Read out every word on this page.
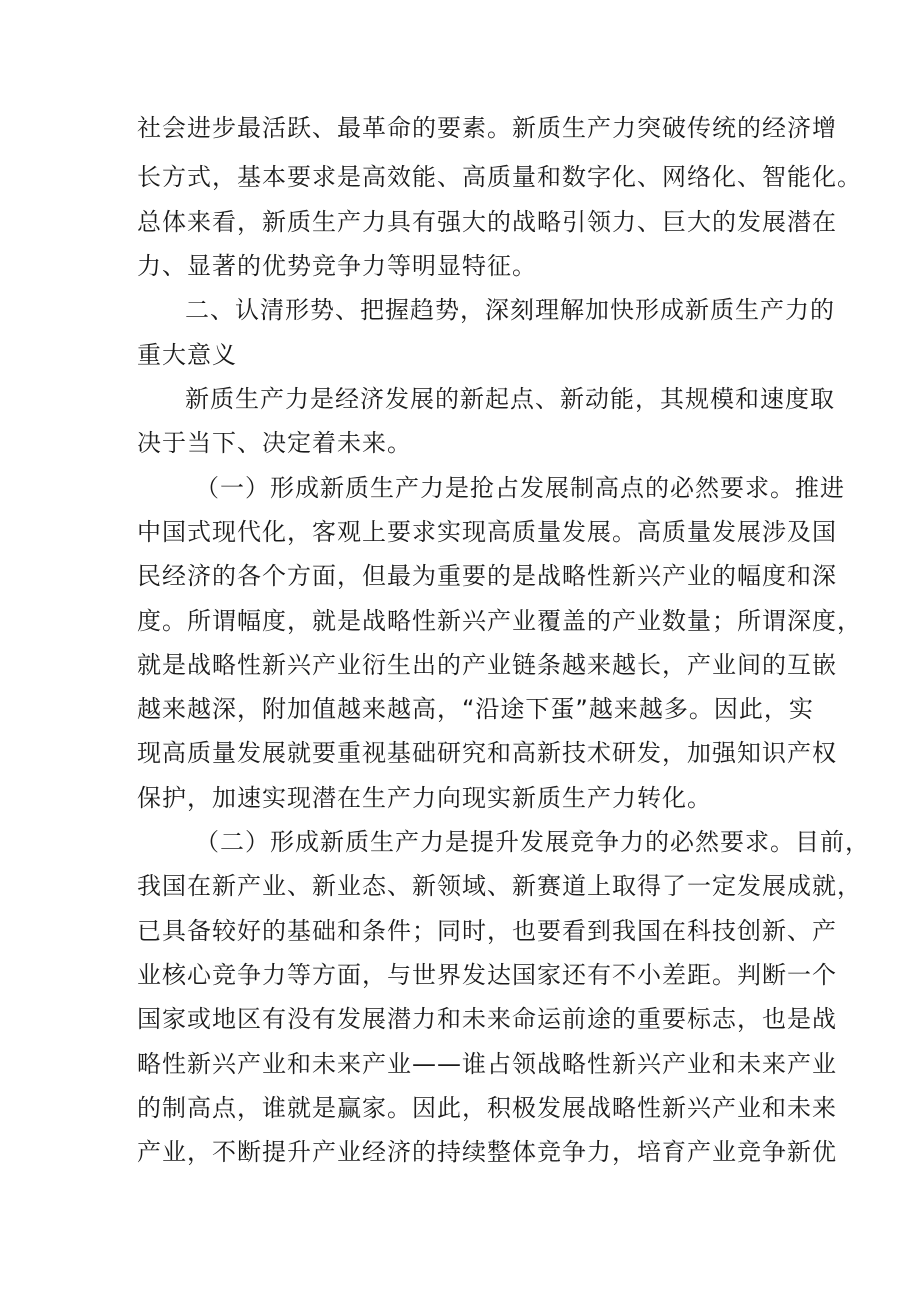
社会进步最活跃、最革命的要素。新质生产力突破传统的经济增
长方式，基本要求是高效能、高质量和数字化、网络化、智能化。
总体来看，新质生产力具有强大的战略引领力、巨大的发展潜在
力、显著的优势竞争力等明显特征。
二、认清形势、把握趋势，深刻理解加快形成新质生产力的
重大意义
新质生产力是经济发展的新起点、新动能，其规模和速度取
决于当下、决定着未来。
（一）形成新质生产力是抢占发展制高点的必然要求。推进
中国式现代化，客观上要求实现高质量发展。高质量发展涉及国
民经济的各个方面，但最为重要的是战略性新兴产业的幅度和深
度。所谓幅度，就是战略性新兴产业覆盖的产业数量；所谓深度，
就是战略性新兴产业衍生出的产业链条越来越长，产业间的互嵌
越来越深，附加值越来越高，“沿途下蛋”越来越多。因此，实
现高质量发展就要重视基础研究和高新技术研发，加强知识产权
保护，加速实现潜在生产力向现实新质生产力转化。
（二）形成新质生产力是提升发展竞争力的必然要求。目前，
我国在新产业、新业态、新领域、新赛道上取得了一定发展成就，
已具备较好的基础和条件；同时，也要看到我国在科技创新、产
业核心竞争力等方面，与世界发达国家还有不小差距。判断一个
国家或地区有没有发展潜力和未来命运前途的重要标志，也是战
略性新兴产业和未来产业——谁占领战略性新兴产业和未来产业
的制高点，谁就是赢家。因此，积极发展战略性新兴产业和未来
产业，不断提升产业经济的持续整体竞争力，培育产业竞争新优
